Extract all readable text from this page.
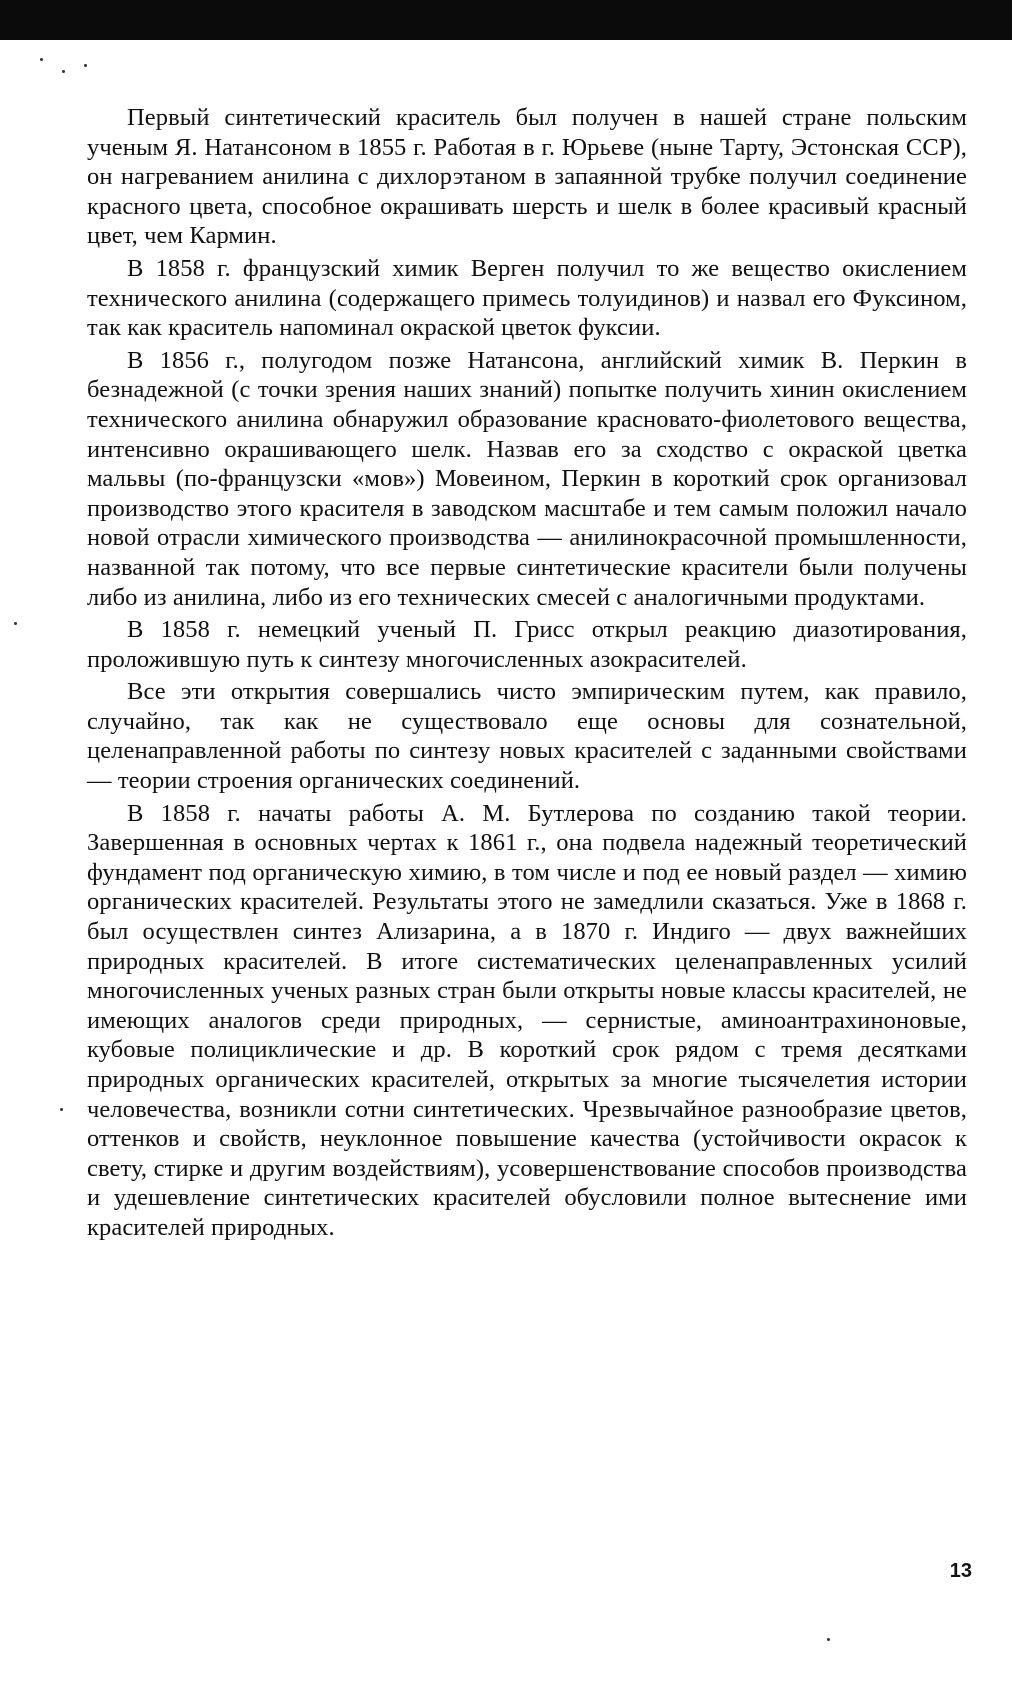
Первый синтетический краситель был получен в нашей стране польским ученым Я. Натансоном в 1855 г. Работая в г. Юрьеве (ныне Тарту, Эстонская ССР), он нагреванием анилина с дихлорэтаном в запаянной трубке получил соединение красного цвета, способное окрашивать шерсть и шелк в более красивый красный цвет, чем Кармин.

В 1858 г. французский химик Верген получил то же вещество окислением технического анилина (содержащего примесь толуидинов) и назвал его Фуксином, так как краситель напоминал окраской цветок фуксии.

В 1856 г., полугодом позже Натансона, английский химик В. Перкин в безнадежной (с точки зрения наших знаний) попытке получить хинин окислением технического анилина обнаружил образование красновато-фиолетового вещества, интенсивно окрашивающего шелк. Назвав его за сходство с окраской цветка мальвы (по-французски «мов») Мовеином, Перкин в короткий срок организовал производство этого красителя в заводском масштабе и тем самым положил начало новой отрасли химического производства — анилинокрасочной промышленности, названной так потому, что все первые синтетические красители были получены либо из анилина, либо из его технических смесей с аналогичными продуктами.

В 1858 г. немецкий ученый П. Грисс открыл реакцию диазотирования, проложившую путь к синтезу многочисленных азокрасителей.

Все эти открытия совершались чисто эмпирическим путем, как правило, случайно, так как не существовало еще основы для сознательной, целенаправленной работы по синтезу новых красителей с заданными свойствами — теории строения органических соединений.

В 1858 г. начаты работы А. М. Бутлерова по созданию такой теории. Завершенная в основных чертах к 1861 г., она подвела надежный теоретический фундамент под органическую химию, в том числе и под ее новый раздел — химию органических красителей. Результаты этого не замедлили сказаться. Уже в 1868 г. был осуществлен синтез Ализарина, а в 1870 г. Индиго — двух важнейших природных красителей. В итоге систематических целенаправленных усилий многочисленных ученых разных стран были открыты новые классы красителей, не имеющих аналогов среди природных, — сернистые, аминоантрахиноновые, кубовые полициклические и др. В короткий срок рядом с тремя десятками природных органических красителей, открытых за многие тысячелетия истории человечества, возникли сотни синтетических. Чрезвычайное разнообразие цветов, оттенков и свойств, неуклонное повышение качества (устойчивости окрасок к свету, стирке и другим воздействиям), усовершенствование способов производства и удешевление синтетических красителей обусловили полное вытеснение ими красителей природных.

13
